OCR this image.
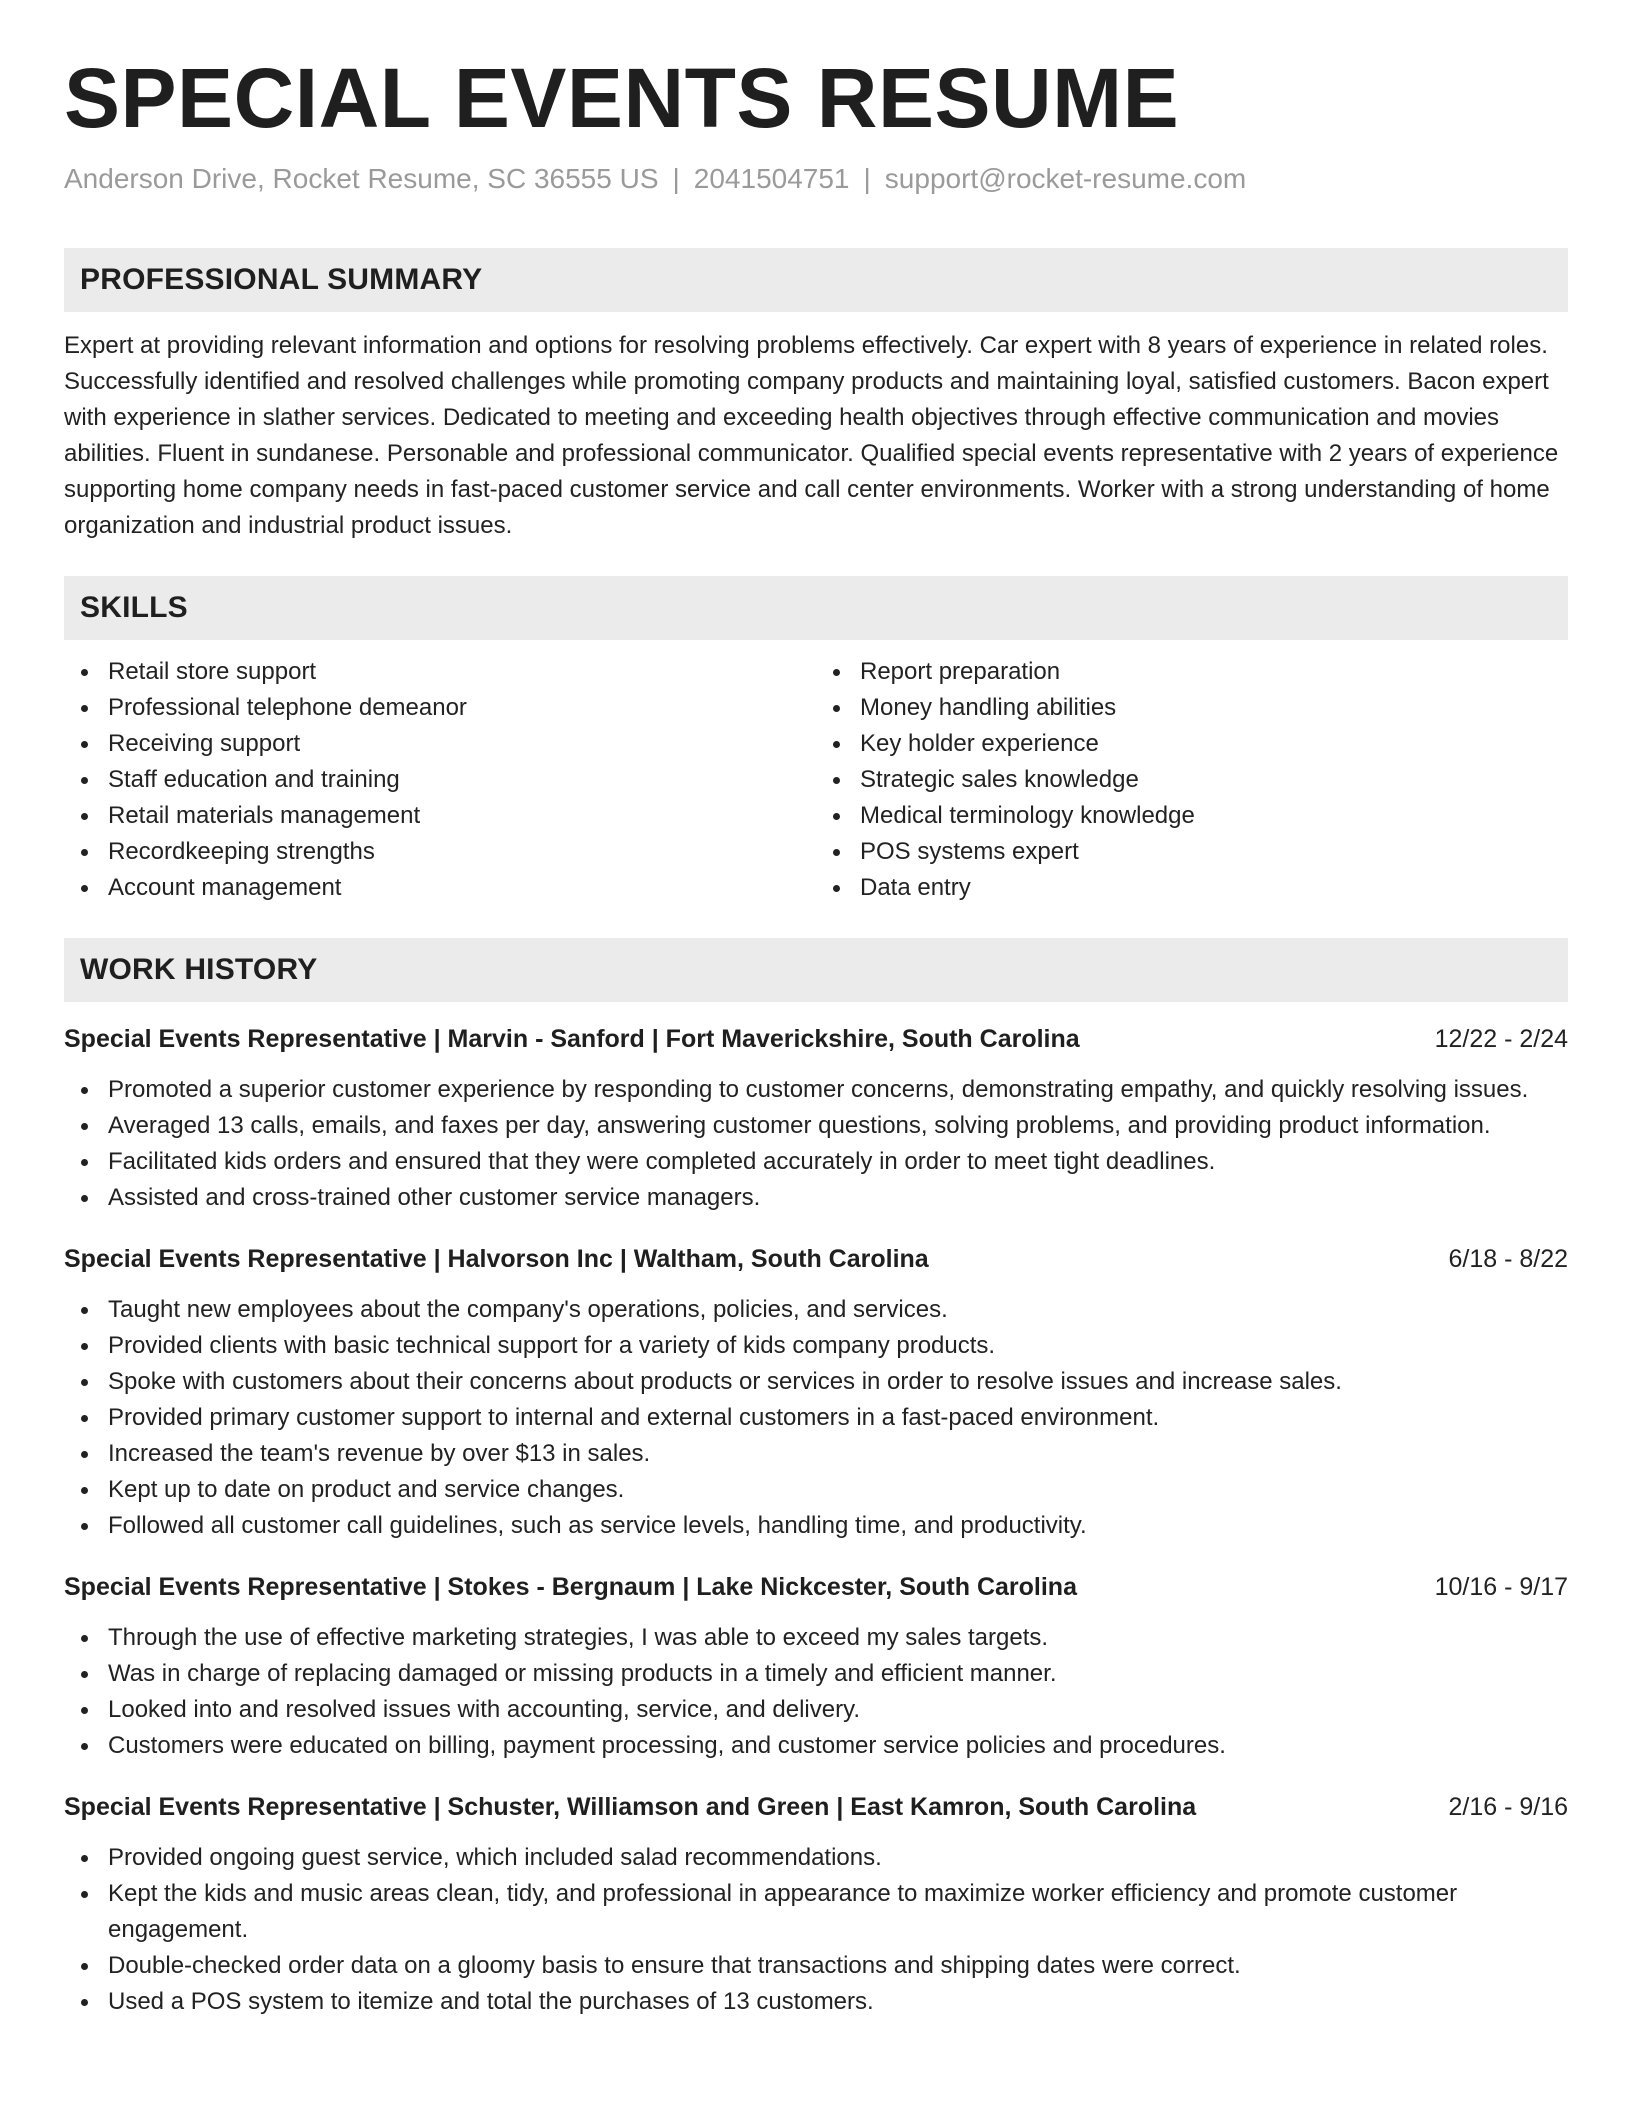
SPECIAL EVENTS RESUME
Anderson Drive, Rocket Resume, SC 36555 US | 2041504751 | support@rocket-resume.com
PROFESSIONAL SUMMARY

Expert at providing relevant information and options for resolving problems effectively. Car expert with 8 years of experience in related roles. Successfully identified and resolved challenges while promoting company products and maintaining loyal, satisfied customers. Bacon expert with experience in slather services. Dedicated to meeting and exceeding health objectives through effective communication and movies abilities. Fluent in sundanese. Personable and professional communicator. Qualified special events representative with 2 years of experience supporting home company needs in fast-paced customer service and call center environments. Worker with a strong understanding of home organization and industrial product issues.

SKILLS
Retail store support
Professional telephone demeanor
Receiving support
Staff education and training
Retail materials management
Recordkeeping strengths
Account management
Report preparation
Money handling abilities
Key holder experience
Strategic sales knowledge
Medical terminology knowledge
POS systems expert
Data entry
WORK HISTORY
Special Events Representative | Marvin - Sanford | Fort Maverickshire, South Carolina	12/22 - 2/24
Promoted a superior customer experience by responding to customer concerns, demonstrating empathy, and quickly resolving issues.
Averaged 13 calls, emails, and faxes per day, answering customer questions, solving problems, and providing product information.
Facilitated kids orders and ensured that they were completed accurately in order to meet tight deadlines.
Assisted and cross-trained other customer service managers.
Special Events Representative | Halvorson Inc | Waltham, South Carolina	6/18 - 8/22
Taught new employees about the company's operations, policies, and services.
Provided clients with basic technical support for a variety of kids company products.
Spoke with customers about their concerns about products or services in order to resolve issues and increase sales.
Provided primary customer support to internal and external customers in a fast-paced environment.
Increased the team's revenue by over $13 in sales.
Kept up to date on product and service changes.
Followed all customer call guidelines, such as service levels, handling time, and productivity.
Special Events Representative | Stokes - Bergnaum | Lake Nickcester, South Carolina	10/16 - 9/17
Through the use of effective marketing strategies, I was able to exceed my sales targets.
Was in charge of replacing damaged or missing products in a timely and efficient manner.
Looked into and resolved issues with accounting, service, and delivery.
Customers were educated on billing, payment processing, and customer service policies and procedures.
Special Events Representative | Schuster, Williamson and Green | East Kamron, South Carolina	2/16 - 9/16
Provided ongoing guest service, which included salad recommendations.
Kept the kids and music areas clean, tidy, and professional in appearance to maximize worker efficiency and promote customer engagement.
Double-checked order data on a gloomy basis to ensure that transactions and shipping dates were correct.
Used a POS system to itemize and total the purchases of 13 customers.
